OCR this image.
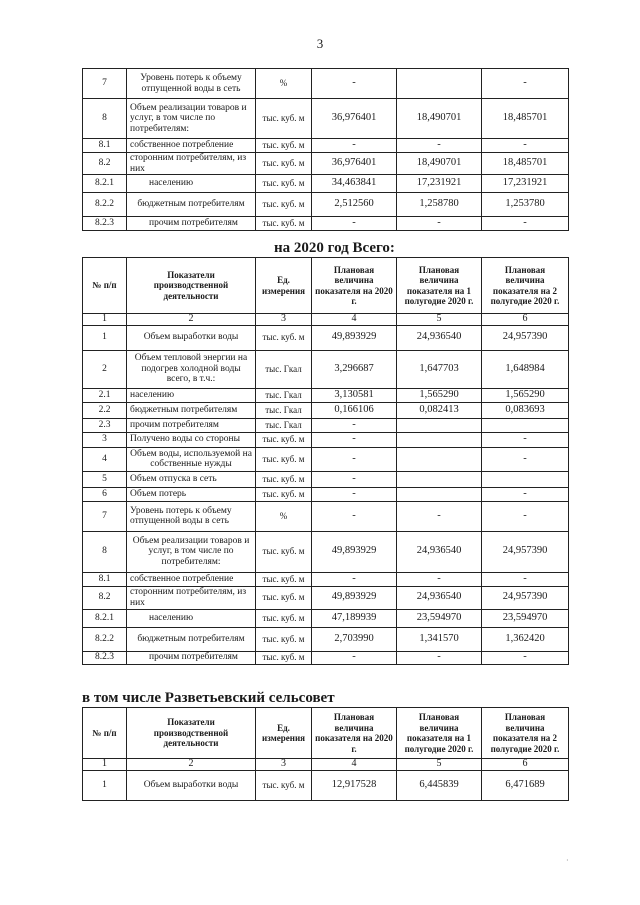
3
7	Уровень потерь к объему отпущенной воды в сеть	%	-		-
8	Объем реализации товаров и услуг, в том числе по потребителям:	тыс. куб. м	36,976401	18,490701	18,485701
8.1	собственное потребление	тыс. куб. м	-	-	-
8.2	сторонним потребителям, из них	тыс. куб. м	36,976401	18,490701	18,485701
8.2.1	населению	тыс. куб. м	34,463841	17,231921	17,231921
8.2.2	бюджетным потребителям	тыс. куб. м	2,512560	1,258780	1,253780
8.2.3	прочим потребителям	тыс. куб. м	-	-	-
на 2020 год Всего:
№ п/п	Показатели производственной деятельности	Ед. измерения	Плановая величина показателя на 2020 г.	Плановая величина показателя на 1 полугодие 2020 г.	Плановая величина показателя на 2 полугодие 2020 г.
1	2	3	4	5	6
1	Объем выработки воды	тыс. куб. м	49,893929	24,936540	24,957390
2	Объем тепловой энергии на подогрев холодной воды всего, в т.ч.:	тыс. Гкал	3,296687	1,647703	1,648984
2.1	населению	тыс. Гкал	3,130581	1,565290	1,565290
2.2	бюджетным потребителям	тыс. Гкал	0,166106	0,082413	0,083693
2.3	прочим потребителям	тыс. Гкал	-		
3	Получено воды со стороны	тыс. куб. м	-		-
4	Объем воды, используемой на собственные нужды	тыс. куб. м	-		-
5	Объем отпуска в сеть	тыс. куб. м	-		
6	Объем потерь	тыс. куб. м	-		-
7	Уровень потерь к объему отпущенной воды в сеть	%	-	-	-
8	Объем реализации товаров и услуг, в том числе по потребителям:	тыс. куб. м	49,893929	24,936540	24,957390
8.1	собственное потребление	тыс. куб. м	-	-	-
8.2	сторонним потребителям, из них	тыс. куб. м	49,893929	24,936540	24,957390
8.2.1	населению	тыс. куб. м	47,189939	23,594970	23,594970
8.2.2	бюджетным потребителям	тыс. куб. м	2,703990	1,341570	1,362420
8.2.3	прочим потребителям	тыс. куб. м	-	-	-
в том числе Разветьевский сельсовет
№ п/п	Показатели производственной деятельности	Ед. измерения	Плановая величина показателя на 2020 г.	Плановая величина показателя на 1 полугодие 2020 г.	Плановая величина показателя на 2 полугодие 2020 г.
1	2	3	4	5	6
1	Объем выработки воды	тыс. куб. м	12,917528	6,445839	6,471689
·
